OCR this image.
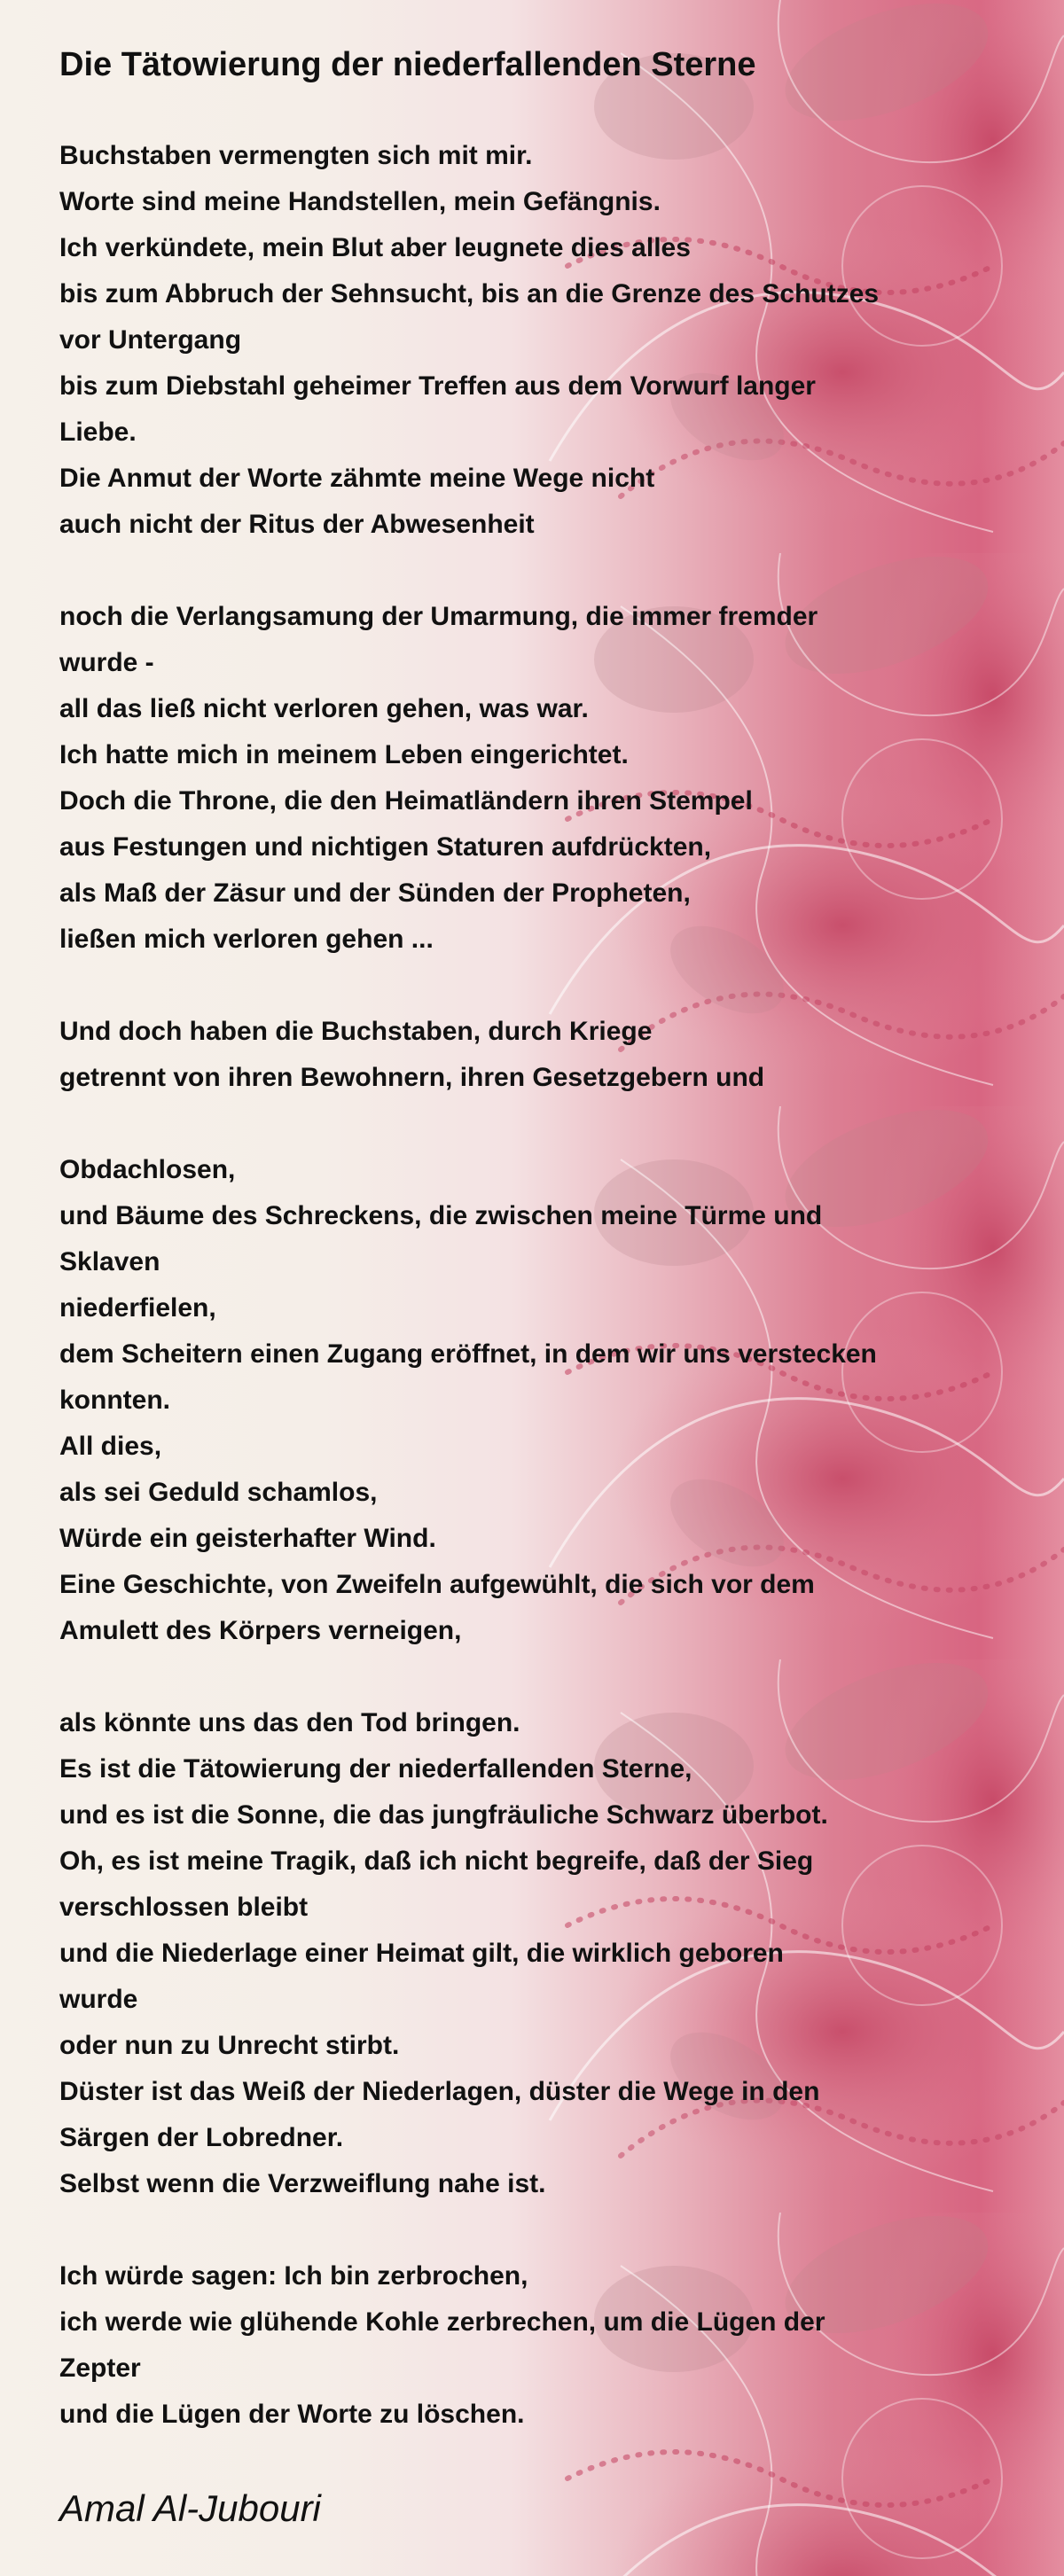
Die Tätowierung der niederfallenden Sterne
Buchstaben vermengten sich mit mir.
Worte sind meine Handstellen, mein Gefängnis.
Ich verkündete, mein Blut aber leugnete dies alles
bis zum Abbruch der Sehnsucht, bis an die Grenze des Schutzes
vor Untergang
bis zum Diebstahl geheimer Treffen aus dem Vorwurf langer
Liebe.
Die Anmut der Worte zähmte meine Wege nicht
auch nicht der Ritus der Abwesenheit
noch die Verlangsamung der Umarmung, die immer fremder
wurde -
all das ließ nicht verloren gehen, was war.
Ich hatte mich in meinem Leben eingerichtet.
Doch die Throne, die den Heimatländern ihren Stempel
aus Festungen und nichtigen Staturen aufdrückten,
als Maß der Zäsur und der Sünden der Propheten,
ließen mich verloren gehen ...
Und doch haben die Buchstaben, durch Kriege
getrennt von ihren Bewohnern, ihren Gesetzgebern und
Obdachlosen,
und Bäume des Schreckens, die zwischen meine Türme und
Sklaven
niederfielen,
dem Scheitern einen Zugang eröffnet, in dem wir uns verstecken
konnten.
All dies,
als sei Geduld schamlos,
Würde ein geisterhafter Wind.
Eine Geschichte, von Zweifeln aufgewühlt, die sich vor dem
Amulett des Körpers verneigen,
als könnte uns das den Tod bringen.
Es ist die Tätowierung der niederfallenden Sterne,
und es ist die Sonne, die das jungfräuliche Schwarz überbot.
Oh, es ist meine Tragik, daß ich nicht begreife, daß der Sieg
verschlossen bleibt
und die Niederlage einer Heimat gilt, die wirklich geboren
wurde
oder nun zu Unrecht stirbt.
Düster ist das Weiß der Niederlagen, düster die Wege in den
Särgen der Lobredner.
Selbst wenn die Verzweiflung nahe ist.
Ich würde sagen: Ich bin zerbrochen,
ich werde wie glühende Kohle zerbrechen, um die Lügen der
Zepter
und die Lügen der Worte zu löschen.
Amal Al-Jubouri
